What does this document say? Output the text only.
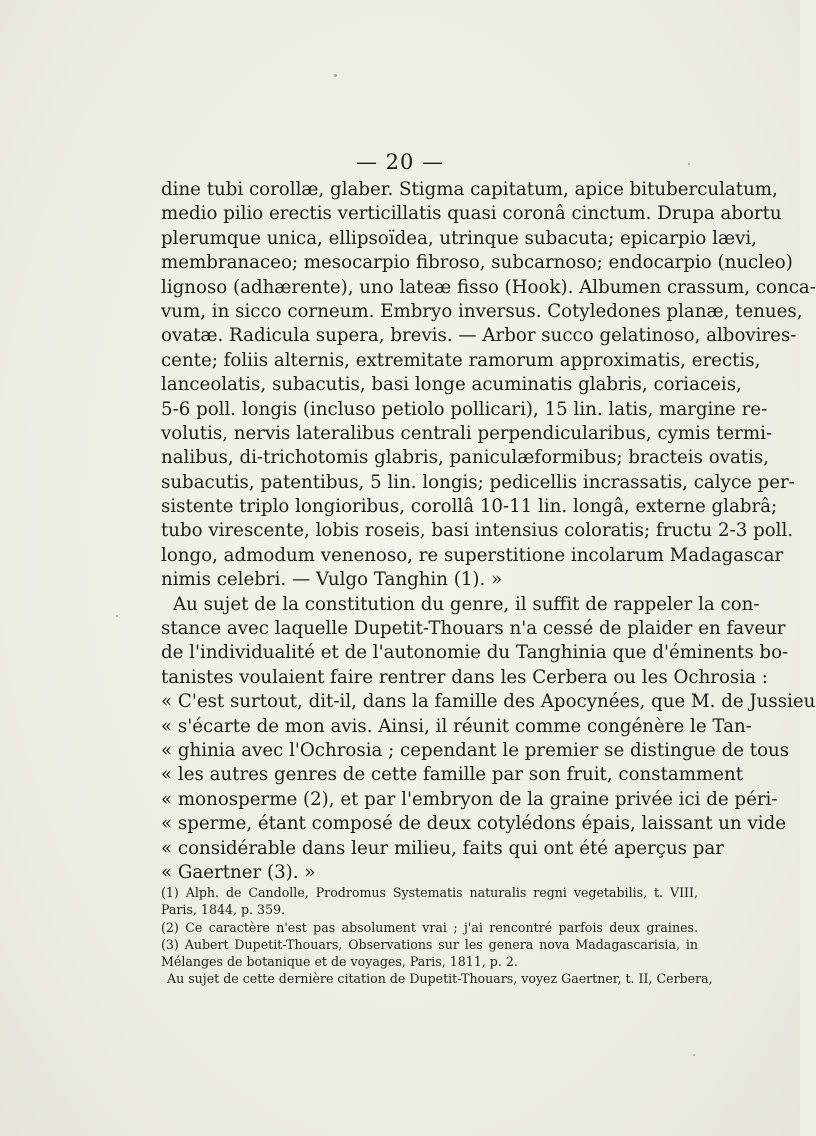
— 20 —
dine tubi corollæ, glaber. Stigma capitatum, apice bituberculatum,
medio pilio erectis verticillatis quasi coronâ cinctum. Drupa abortu
plerumque unica, ellipsoïdea, utrinque subacuta; epicarpio lævi,
membranaceo; mesocarpio fibroso, subcarnoso; endocarpio (nucleo)
lignoso (adhærente), uno lateæ fisso (Hook). Albumen crassum, conca-
vum, in sicco corneum. Embryo inversus. Cotyledones planæ, tenues,
ovatæ. Radicula supera, brevis. — Arbor succo gelatinoso, albovires-
cente; foliis alternis, extremitate ramorum approximatis, erectis,
lanceolatis, subacutis, basi longe acuminatis glabris, coriaceis,
5-6 poll. longis (incluso petiolo pollicari), 15 lin. latis, margine re-
volutis, nervis lateralibus centrali perpendicularibus, cymis termi-
nalibus, di-trichotomis glabris, paniculæformibus; bracteis ovatis,
subacutis, patentibus, 5 lin. longis; pedicellis incrassatis, calyce per-
sistente triplo longioribus, corollâ 10-11 lin. longâ, externe glabrâ;
tubo virescente, lobis roseis, basi intensius coloratis; fructu 2-3 poll.
longo, admodum venenoso, re superstitione incolarum Madagascar
nimis celebri. — Vulgo Tanghin (1). »
Au sujet de la constitution du genre, il suffit de rappeler la con-
stance avec laquelle Dupetit-Thouars n'a cessé de plaider en faveur
de l'individualité et de l'autonomie du Tanghinia que d'éminents bo-
tanistes voulaient faire rentrer dans les Cerbera ou les Ochrosia :
« C'est surtout, dit-il, dans la famille des Apocynées, que M. de Jussieu
« s'écarte de mon avis. Ainsi, il réunit comme congénère le Tan-
« ghinia avec l'Ochrosia ; cependant le premier se distingue de tous
« les autres genres de cette famille par son fruit, constamment
« monosperme (2), et par l'embryon de la graine privée ici de péri-
« sperme, étant composé de deux cotylédons épais, laissant un vide
« considérable dans leur milieu, faits qui ont été aperçus par
« Gaertner (3). »
(1) Alph. de Candolle, Prodromus Systematis naturalis regni vegetabilis, t. VIII,
Paris, 1844, p. 359.
(2) Ce caractère n'est pas absolument vrai ; j'ai rencontré parfois deux graines.
(3) Aubert Dupetit-Thouars, Observations sur les genera nova Madagascarisia, in
Mélanges de botanique et de voyages, Paris, 1811, p. 2.
Au sujet de cette dernière citation de Dupetit-Thouars, voyez Gaertner, t. II, Cerbera,
